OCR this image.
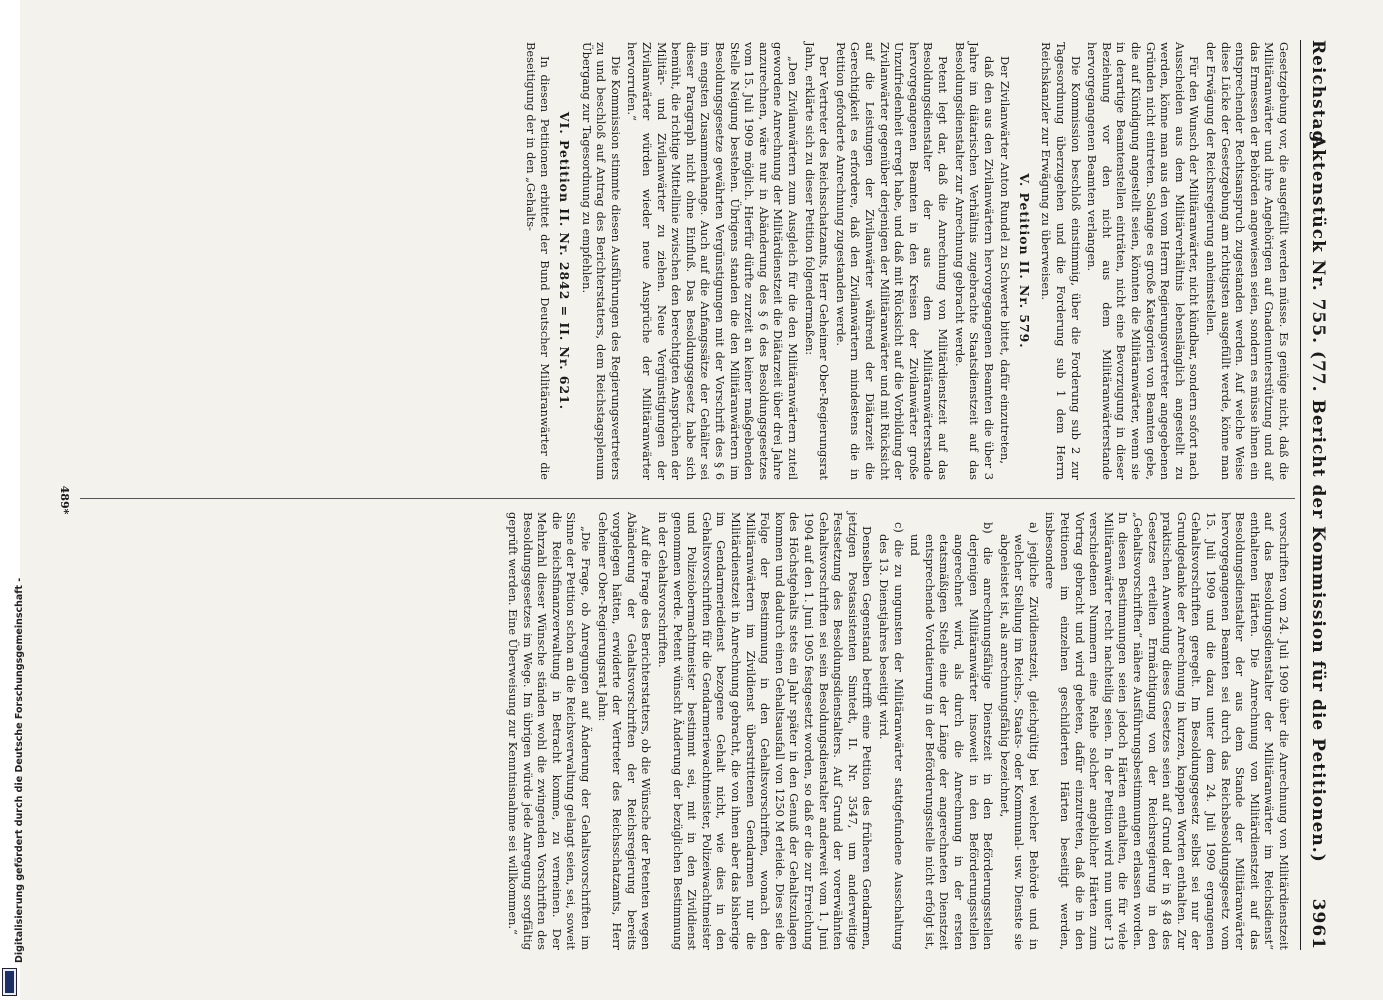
Reichstag.
Aktenstück Nr. 755. (77. Bericht der Kommission für die Petitionen.)
3961

Gesetzgebung vor, die ausgefüllt werden müsse. Es genüge nicht, daß die Militäranwärter und ihre Angehörigen auf Gnadenunterstützung und auf das Ermessen der Behörden angewiesen seien, sondern es müsse ihnen ein entsprechender Rechtsanspruch zugestanden werden. Auf welche Weise diese Lücke der Gesetzgebung am richtigsten ausgefüllt werde, könne man der Erwägung der Reichsregierung anheimstellen.

Für den Wunsch der Militäranwärter, nicht kündbar, sondern sofort nach Ausscheiden aus dem Militärverhältnis lebenslänglich angestellt zu werden, könne man aus den vom Herrn Regierungsvertreter angegebenen Gründen nicht eintreten. Solange es große Kategorien von Beamten gebe, die auf Kündigung angestellt seien, könnten die Militäranwärter, wenn sie in derartige Beamtenstellen einträten, nicht eine Bevorzugung in dieser Beziehung vor den nicht aus dem Militäranwärterstande hervorgegangenen Beamten verlangen.

Die Kommission beschloß einstimmig, über die Forderung sub 2 zur Tagesordnung überzugehen und die Forderung sub 1 dem Herrn Reichskanzler zur Erwägung zu überweisen.

V. Petition II. Nr. 579.

Der Zivilanwärter Anton Rundel zu Schwerte bittet, dafür einzutreten,

daß den aus den Zivilanwärtern hervorgegangenen Beamten die über 3 Jahre im diätarischen Verhältnis zugebrachte Staatsdienstzeit auf das Besoldungsdienstalter zur Anrechnung gebracht werde.

Petent legt dar, daß die Anrechnung von Militärdienstzeit auf das Besoldungsdienstalter der aus dem Militäranwärterstande hervorgegangenen Beamten in den Kreisen der Zivilanwärter große Unzufriedenheit erregt habe, und daß mit Rücksicht auf die Vorbildung der Zivilanwärter gegenüber derjenigen der Militäranwärter und mit Rücksicht auf die Leistungen der Zivilanwärter während der Diätarzeit die Gerechtigkeit es erfordere, daß den Zivilanwärtern mindestens die in Petition geforderte Anrechnung zugestanden werde.

Der Vertreter des Reichsschatzamts, Herr Geheimer Ober-Regierungsrat Jahn, erklärte sich zu dieser Petition folgendermaßen:

„Den Zivilanwärtern zum Ausgleich für die den Militäranwärtern zuteil gewordene Anrechnung der Militärdienstzeit die Diätarzeit über drei Jahre anzurechnen, wäre nur in Abänderung des § 6 des Besoldungsgesetzes vom 15. Juli 1909 möglich. Hierfür dürfte zurzeit an keiner maßgebenden Stelle Neigung bestehen. Übrigens standen die den Militäranwärtern im Besoldungsgesetze gewährten Vergünstigungen mit der Vorschrift des § 6 im engsten Zusammenhange. Auch auf die Anfangssätze der Gehälter sei dieser Paragraph nicht ohne Einfluß. Das Besoldungsgesetz habe sich bemüht, die richtige Mittellinie zwischen den berechtigten Ansprüchen der Militär- und Zivilanwärter zu ziehen. Neue Vergünstigungen der Zivilanwärter würden wieder neue Ansprüche der Militäranwärter hervorrufen.“

Die Kommission stimmte diesen Ausführungen des Regierungsvertreters zu und beschloß auf Antrag des Berichterstatters, dem Reichstagsplenum Übergang zur Tagesordnung zu empfehlen.

VI. Petition II. Nr. 2842 = II. Nr. 621.

In diesen Petitionen erbittet der Bund Deutscher Militäranwärter die Beseitigung der in den „Gehalts-

vorschriften vom 24. Juli 1909 über die Anrechnung von Militärdienstzeit auf das Besoldungsdienstalter der Militäranwärter im Reichsdienst“ enthaltenen Härten. Die Anrechnung von Militärdienstzeit auf das Besoldungsdienstalter der aus dem Stande der Militäranwärter hervorgegangenen Beamten sei durch das Reichsbesoldungsgesetz vom 15. Juli 1909 und die dazu unter dem 24. Juli 1909 ergangenen Gehaltsvorschriften geregelt. Im Besoldungsgesetz selbst sei nur der Grundgedanke der Anrechnung in kurzen, knappen Worten enthalten. Zur praktischen Anwendung dieses Gesetzes seien auf Grund der in § 48 des Gesetzes erteilten Ermächtigung von der Reichsregierung in den „Gehaltsvorschriften“ nähere Ausführungsbestimmungen erlassen worden. In diesen Bestimmungen seien jedoch Härten enthalten, die für viele Militäranwärter recht nachteilig seien. In der Petition wird nun unter 13 verschiedenen Nummern eine Reihe solcher angeblicher Härten zum Vortrag gebracht und wird gebeten, dafür einzutreten, daß die in den Petitionen im einzelnen geschilderten Härten beseitigt werden, insbesondere

a) jegliche Zivildienstzeit, gleichgültig bei welcher Behörde und in welcher Stellung im Reichs-, Staats- oder Kommunal- usw. Dienste sie abgeleistet ist, als anrechnungsfähig bezeichnet,

b) die anrechnungsfähige Dienstzeit in den Beförderungsstellen derjenigen Militäranwärter insoweit in den Beförderungsstellen angerechnet wird, als durch die Anrechnung in der ersten etatsmäßigen Stelle eine der Länge der angerechneten Dienstzeit entsprechende Vordatierung in der Beförderungsstelle nicht erfolgt ist, und

c) die zu ungunsten der Militäranwärter stattgefundene Ausschaltung des 13. Dienstjahres beseitigt wird.

Denselben Gegenstand betrifft eine Petition des früheren Gendarmen, jetzigen Postassistenten Simtedt, II. Nr. 3547, um anderweitige Festsetzung des Besoldungsdienstalters. Auf Grund der vorerwähnten Gehaltsvorschriften sei sein Besoldungsdienstalter anderweit vom 1. Juni 1904 auf den 1. Juni 1905 festgesetzt worden, so daß er die zur Erreichung des Höchstgehalts stets ein Jahr später in den Genuß der Gehaltszulagen kommen und dadurch einen Gehaltsausfall von 1250 M erleide. Dies sei die Folge der Bestimmung in den Gehaltsvorschriften, wonach den Militäranwärtern im Zivildienst überstrittenen Gendarmen nur die Militärdienstzeit in Anrechnung gebracht, die von ihnen aber das bisherige im Gendarmeriedienst bezogene Gehalt nicht, wie dies in den Gehaltsvorschriften für die Gendarmeriewachtmeister, Polizeiwachtmeister und Polizeiobermachtmeister bestimmt sei, mit in den Zivildienst genommen werde. Petent wünscht Änderung der bezüglichen Bestimmung in der Gehaltsvorschriften.

Auf die Frage des Berichterstatters, ob die Wünsche der Petenten wegen Abänderung der Gehaltsvorschriften der Reichsregierung bereits vorgelegen hätten, erwiderte der Vertreter des Reichsschatzamts, Herr Geheimer Ober-Regierungsrat Jahn:

„Die Frage, ob Anregungen auf Änderung der Gehaltsvorschriften im Sinne der Petition schon an die Reichsverwaltung gelangt seien, sei, soweit die Reichsfinanzverwaltung in Betracht komme, zu verneinen. Der Mehrzahl dieser Wünsche ständen wohl die zwingenden Vorschriften des Besoldungsgesetzes im Wege. Im übrigen würde jede Anregung sorgfältig geprüft werden. Eine Überweisung zur Kenntnisnahme sei willkommen.“

489*
Digitalisierung gefördert durch die Deutsche Forschungsgemeinschaft -
